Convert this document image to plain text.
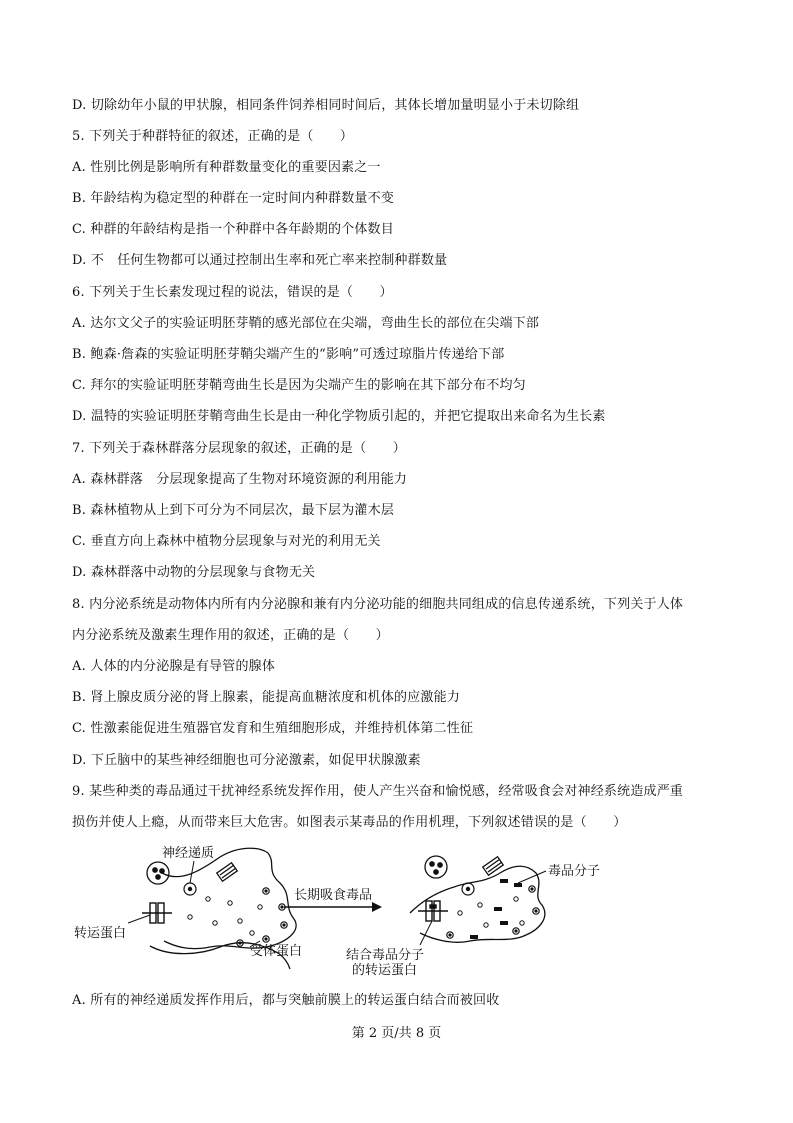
D. 切除幼年小鼠的甲状腺，相同条件饲养相同时间后，其体长增加量明显小于未切除组
5. 下列关于种群特征的叙述，正确的是（　　）
A. 性别比例是影响所有种群数量变化的重要因素之一
B. 年龄结构为稳定型的种群在一定时间内种群数量不变
C. 种群的年龄结构是指一个种群中各年龄期的个体数目
D. 不　任何生物都可以通过控制出生率和死亡率来控制种群数量
6. 下列关于生长素发现过程的说法，错误的是（　　）
A. 达尔文父子的实验证明胚芽鞘的感光部位在尖端，弯曲生长的部位在尖端下部
B. 鲍森·詹森的实验证明胚芽鞘尖端产生的“影响”可透过琼脂片传递给下部
C. 拜尔的实验证明胚芽鞘弯曲生长是因为尖端产生的影响在其下部分布不均匀
D. 温特的实验证明胚芽鞘弯曲生长是由一种化学物质引起的，并把它提取出来命名为生长素
7. 下列关于森林群落分层现象的叙述，正确的是（　　）
A. 森林群落　分层现象提高了生物对环境资源的利用能力
B. 森林植物从上到下可分为不同层次，最下层为灌木层
C. 垂直方向上森林中植物分层现象与对光的利用无关
D. 森林群落中动物的分层现象与食物无关
8. 内分泌系统是动物体内所有内分泌腺和兼有内分泌功能的细胞共同组成的信息传递系统，下列关于人体
内分泌系统及激素生理作用的叙述，正确的是（　　）
A. 人体的内分泌腺是有导管的腺体
B. 肾上腺皮质分泌的肾上腺素，能提高血糖浓度和机体的应激能力
C. 性激素能促进生殖器官发育和生殖细胞形成，并维持机体第二性征
D. 下丘脑中的某些神经细胞也可分泌激素，如促甲状腺激素
9. 某些种类的毒品通过干扰神经系统发挥作用，使人产生兴奋和愉悦感，经常吸食会对神经系统造成严重
损伤并使人上瘾，从而带来巨大危害。如图表示某毒品的作用机理，下列叙述错误的是（　　）
神经递质
转运蛋白
受体蛋白
长期吸食毒品
毒品分子
结合毒品分子
的转运蛋白
A. 所有的神经递质发挥作用后，都与突触前膜上的转运蛋白结合而被回收
第 2 页/共 8 页
